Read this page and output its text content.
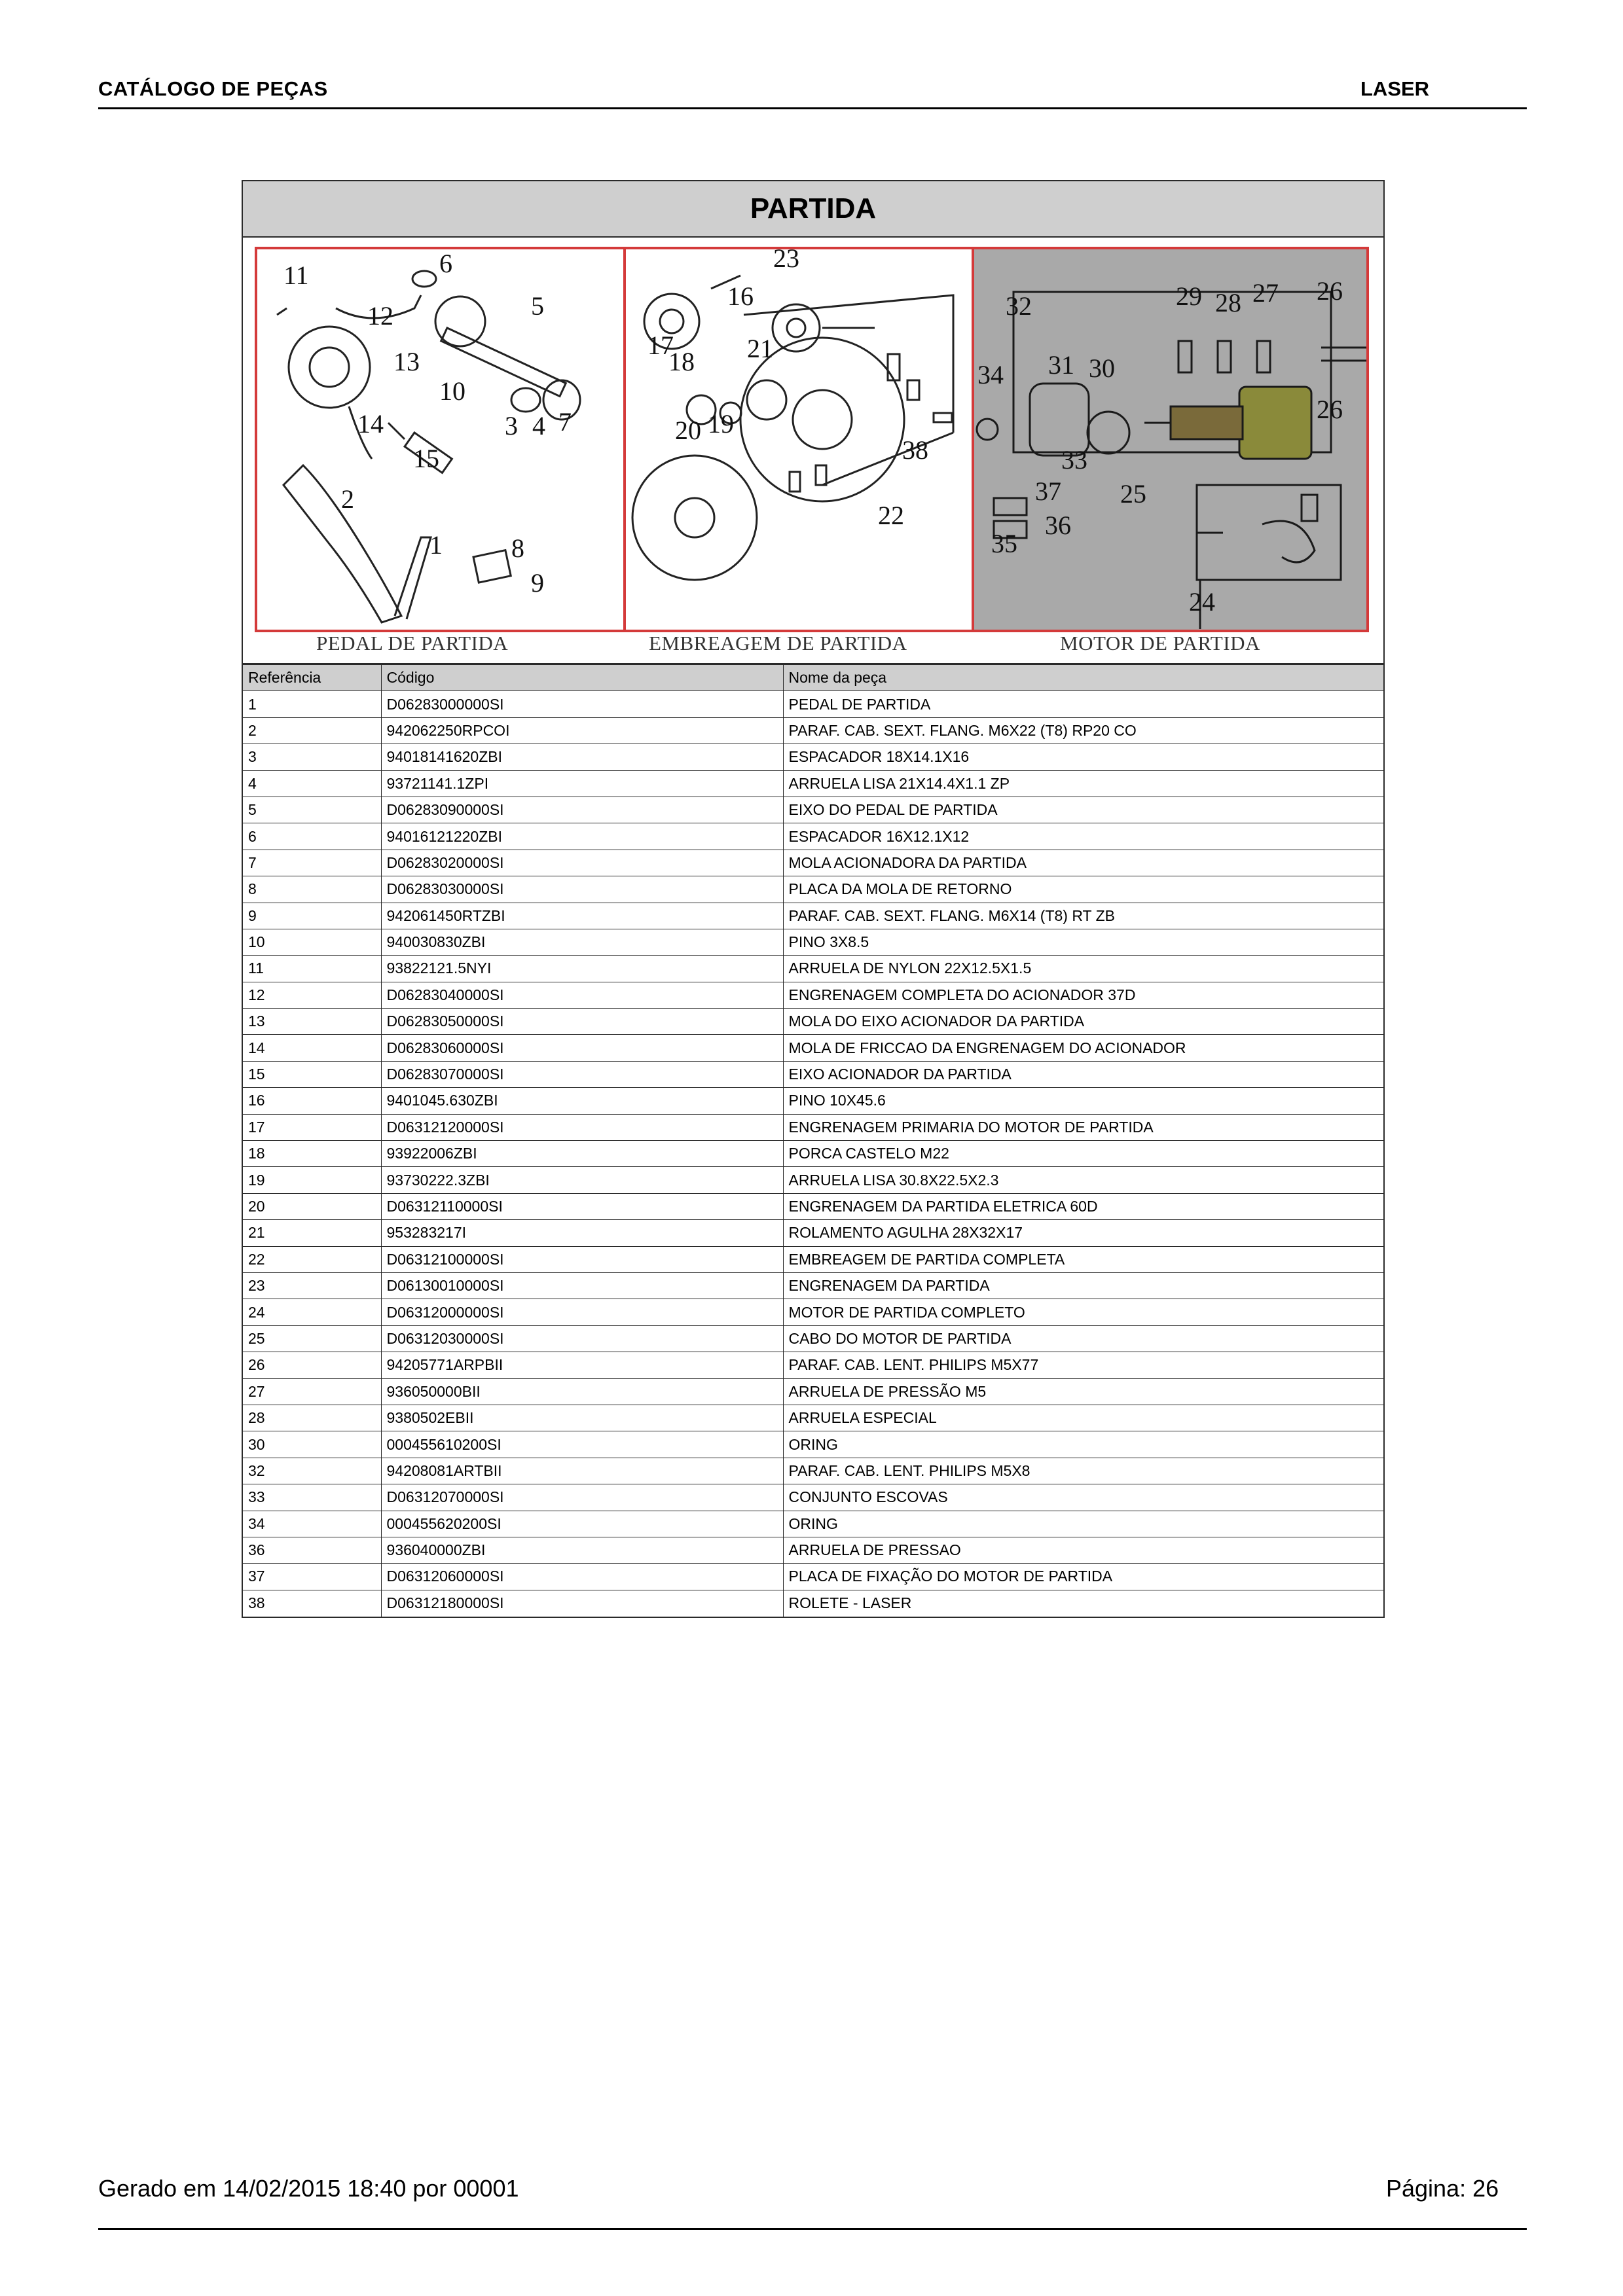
CATÁLOGO DE PEÇAS	LASER
PARTIDA
11	6
5
12
13
10
14	3 4 7
15
2
1	8
9
23
16
17
18 21
20 19
38
22
32	29 28 27 26
34 31 30
26
33
37 25
36
35
24
PEDAL DE PARTIDA	EMBREAGEM DE PARTIDA	MOTOR DE PARTIDA
Referência	Código	Nome da peça
1	D06283000000SI	PEDAL DE PARTIDA
2	942062250RPCOI	PARAF. CAB. SEXT. FLANG. M6X22 (T8) RP20 CO
3	94018141620ZBI	ESPACADOR 18X14.1X16
4	93721141.1ZPI	ARRUELA LISA 21X14.4X1.1 ZP
5	D06283090000SI	EIXO DO PEDAL DE PARTIDA
6	94016121220ZBI	ESPACADOR 16X12.1X12
7	D06283020000SI	MOLA ACIONADORA DA PARTIDA
8	D06283030000SI	PLACA DA MOLA DE RETORNO
9	942061450RTZBI	PARAF. CAB. SEXT. FLANG. M6X14 (T8) RT ZB
10	940030830ZBI	PINO 3X8.5
11	93822121.5NYI	ARRUELA DE NYLON 22X12.5X1.5
12	D06283040000SI	ENGRENAGEM COMPLETA DO ACIONADOR 37D
13	D06283050000SI	MOLA DO EIXO ACIONADOR DA PARTIDA
14	D06283060000SI	MOLA DE FRICCAO DA ENGRENAGEM DO ACIONADOR
15	D06283070000SI	EIXO ACIONADOR DA PARTIDA
16	9401045.630ZBI	PINO 10X45.6
17	D06312120000SI	ENGRENAGEM PRIMARIA DO MOTOR DE PARTIDA
18	93922006ZBI	PORCA CASTELO M22
19	93730222.3ZBI	ARRUELA LISA 30.8X22.5X2.3
20	D06312110000SI	ENGRENAGEM DA PARTIDA ELETRICA 60D
21	953283217I	ROLAMENTO AGULHA 28X32X17
22	D06312100000SI	EMBREAGEM DE PARTIDA COMPLETA
23	D06130010000SI	ENGRENAGEM DA PARTIDA
24	D06312000000SI	MOTOR DE PARTIDA COMPLETO
25	D06312030000SI	CABO DO MOTOR DE PARTIDA
26	94205771ARPBII	PARAF. CAB. LENT. PHILIPS M5X77
27	936050000BII	ARRUELA DE PRESSÃO M5
28	9380502EBII	ARRUELA ESPECIAL
30	000455610200SI	ORING
32	94208081ARTBII	PARAF. CAB. LENT. PHILIPS M5X8
33	D06312070000SI	CONJUNTO ESCOVAS
34	000455620200SI	ORING
36	936040000ZBI	ARRUELA DE PRESSAO
37	D06312060000SI	PLACA DE FIXAÇÃO DO MOTOR DE PARTIDA
38	D06312180000SI	ROLETE - LASER
Gerado em 14/02/2015 18:40 por 00001	Página: 26
